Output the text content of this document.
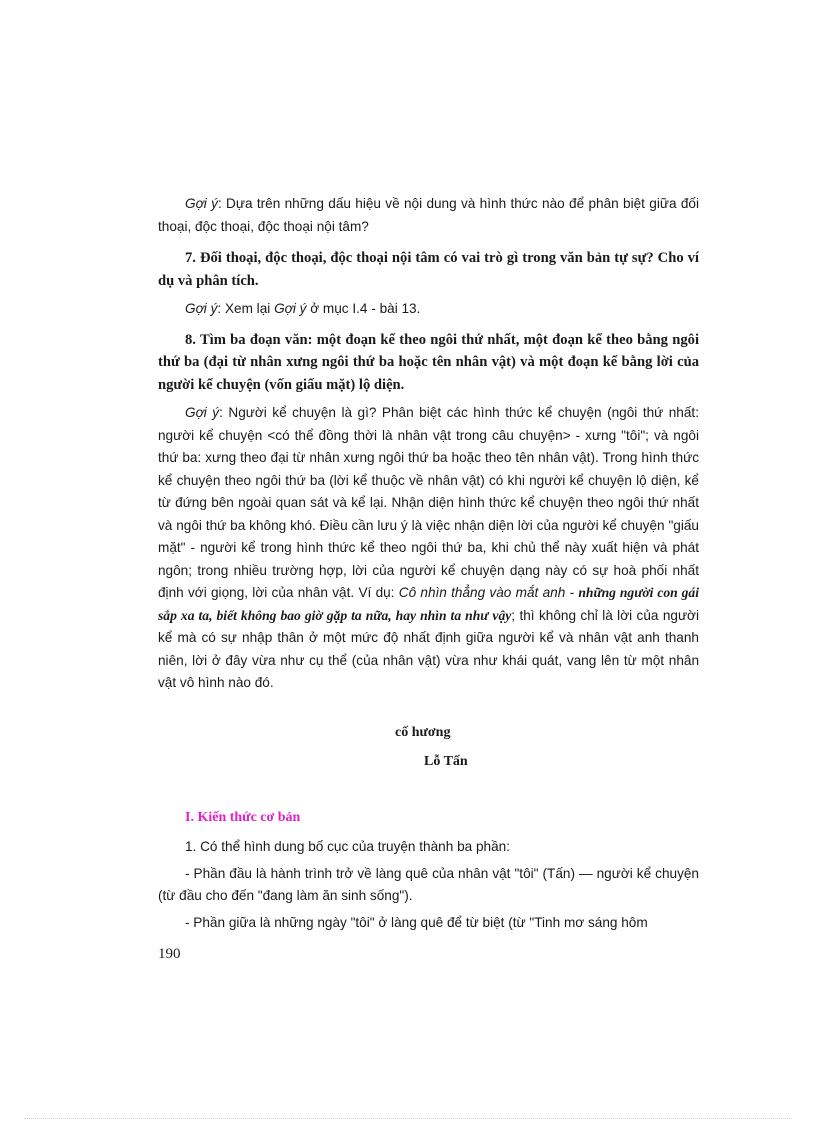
Gợi ý: Dựa trên những dấu hiệu về nội dung và hình thức nào để phân biệt giữa đối thoại, độc thoại, độc thoại nội tâm?

7. Đối thoại, độc thoại, độc thoại nội tâm có vai trò gì trong văn bản tự sự? Cho ví dụ và phân tích.

Gợi ý: Xem lại Gợi ý ở mục I.4 - bài 13.

8. Tìm ba đoạn văn: một đoạn kể theo ngôi thứ nhất, một đoạn kể theo bằng ngôi thứ ba (đại từ nhân xưng ngôi thứ ba hoặc tên nhân vật) và một đoạn kể bằng lời của người kể chuyện (vốn giấu mặt) lộ diện.

Gợi ý: Người kể chuyện là gì? Phân biệt các hình thức kể chuyện (ngôi thứ nhất: người kể chuyện <có thể đồng thời là nhân vật trong câu chuyện> - xưng "tôi"; và ngôi thứ ba: xưng theo đại từ nhân xưng ngôi thứ ba hoặc theo tên nhân vật). Trong hình thức kể chuyện theo ngôi thứ ba (lời kể thuộc về nhân vật) có khi người kể chuyện lộ diện, kể từ đứng bên ngoài quan sát và kể lại. Nhận diện hình thức kể chuyện theo ngôi thứ nhất và ngôi thứ ba không khó. Điều cần lưu ý là việc nhận diện lời của người kể chuyện "giấu mặt" - người kể trong hình thức kể theo ngôi thứ ba, khi chủ thể này xuất hiện và phát ngôn; trong nhiều trường hợp, lời của người kể chuyện dạng này có sự hoà phối nhất định với giọng, lời của nhân vật. Ví dụ: Cô nhìn thẳng vào mắt anh - những người con gái sắp xa ta, biết không bao giờ gặp ta nữa, hay nhìn ta như vậy; thì không chỉ là lời của người kể mà có sự nhập thân ở một mức độ nhất định giữa người kể và nhân vật anh thanh niên, lời ở đây vừa như cụ thể (của nhân vật) vừa như khái quát, vang lên từ một nhân vật vô hình nào đó.

cố hương
Lỗ Tấn
I. Kiến thức cơ bản

1. Có thể hình dung bố cục của truyện thành ba phần:

- Phần đầu là hành trình trở về làng quê của nhân vật "tôi" (Tấn) — người kể chuyện (từ đầu cho đến "đang làm ăn sinh sống").

- Phần giữa là những ngày "tôi" ở làng quê để từ biệt (từ "Tinh mơ sáng hôm

190
